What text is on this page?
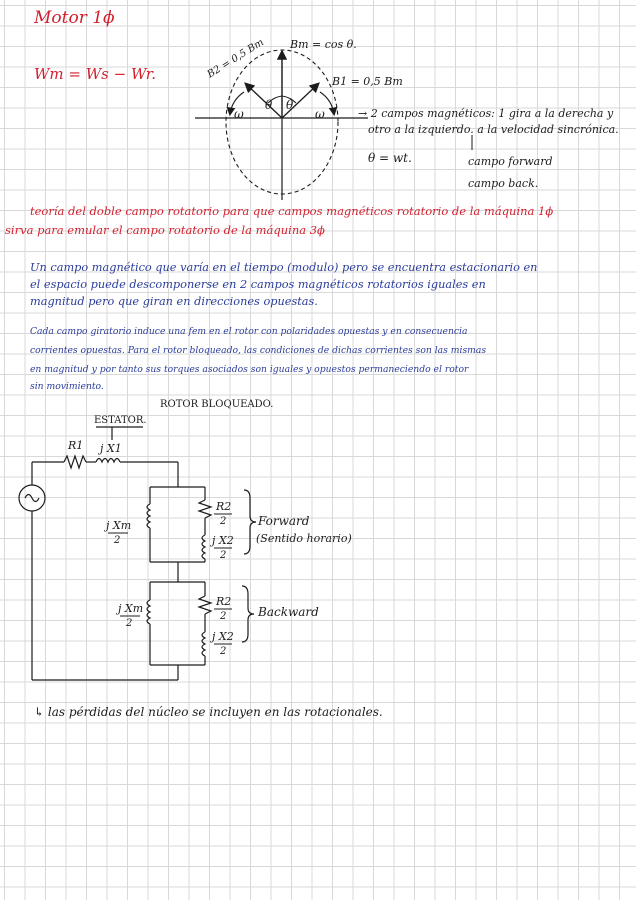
Motor 1ϕ
Wm = Ws − Wr.
Bm = cos θ.
B2 = 0,5 Bm
B1 = 0,5 Bm
ω	ω
θ θ
θ = wt.
→ 2 campos magnéticos: 1 gira a la derecha y
otro a la izquierdo. a la velocidad sincrónica.
campo forward
campo back.
teoría del doble campo rotatorio para que campos magnéticos rotatorio de la máquina 1ϕ
sirva para emular el campo rotatorio de la máquina 3ϕ
Un campo magnético que varía en el tiempo (modulo) pero se encuentra estacionario en
el espacio puede descomponerse en 2 campos magnéticos rotatorios iguales en
magnitud pero que giran en direcciones opuestas.
Cada campo giratorio induce una fem en el rotor con polaridades opuestas y en consecuencia
corrientes opuestas. Para el rotor bloqueado, las condiciones de dichas corrientes son las mismas
en magnitud y por tanto sus torques asociados son iguales y opuestos permaneciendo el rotor
sin movimiento.
ROTOR BLOQUEADO.
ESTATOR.
R1 j X1
j Xm
2
R2
2
j X2
2
Forward
(Sentido horario)
j Xm
2
R2
2
j X2
2
Backward
↳ las pérdidas del núcleo se incluyen en las rotacionales.
